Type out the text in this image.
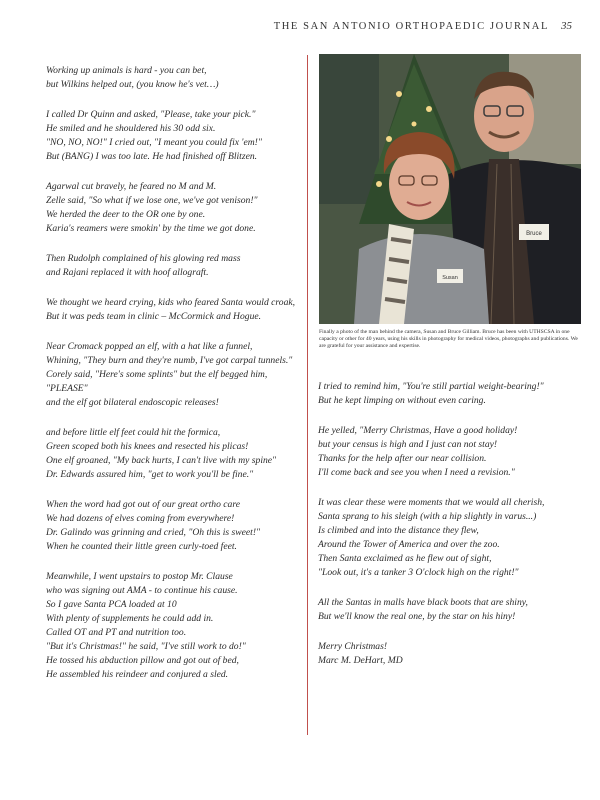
THE SAN ANTONIO ORTHOPAEDIC JOURNAL 35
Working up animals is hard - you can bet,
but Wilkins helped out, (you know he's vet…)
I called Dr Quinn and asked, "Please, take your pick."
He smiled and he shouldered his 30 odd six.
"NO, NO, NO!" I cried out, "I meant you could fix 'em!"
But (BANG) I was too late. He had finished off Blitzen.
Agarwal cut bravely, he feared no M and M.
Zelle said, "So what if we lose one, we've got venison!"
We herded the deer to the OR one by one.
Karia's reamers were smokin' by the time we got done.
Then Rudolph complained of his glowing red mass
and Rajani replaced it with hoof allograft.
We thought we heard crying, kids who feared Santa would croak,
But it was peds team in clinic – McCormick and Hogue.
Near Cromack popped an elf, with a hat like a funnel,
Whining, "They burn and they're numb, I've got carpal tunnels."
Corely said, "Here's some splints" but the elf begged him, "PLEASE"
and the elf got bilateral endoscopic releases!
and before little elf feet could hit the formica,
Green scoped both his knees and resected his plicas!
One elf groaned, "My back hurts, I can't live with my spine"
Dr. Edwards assured him, "get to work you'll be fine."
When the word had got out of our great ortho care
We had dozens of elves coming from everywhere!
Dr. Galindo was grinning and cried, "Oh this is sweet!"
When he counted their little green curly-toed feet.
Meanwhile, I went upstairs to postop Mr. Clause
who was signing out AMA - to continue his cause.
So I gave Santa PCA loaded at 10
With plenty of supplements he could add in.
Called OT and PT and nutrition too.
"But it's Christmas!" he said, "I've still work to do!"
He tossed his abduction pillow and got out of bed,
He assembled his reindeer and conjured a sled.
Bruce
Susan
Finally a photo of the man behind the camera, Susan and Bruce Gilliam. Bruce has been with UTHSCSA in one capacity or other for 40 years, using his skills in photography for medical videos, photographs and publications. We are grateful for your assistance and expertise.
I tried to remind him, "You're still partial weight-bearing!"
But he kept limping on without even caring.
He yelled, "Merry Christmas, Have a good holiday!
but your census is high and I just can not stay!
Thanks for the help after our near collision.
I'll come back and see you when I need a revision."
It was clear these were moments that we would all cherish,
Santa sprang to his sleigh (with a hip slightly in varus...)
Is climbed and into the distance they flew,
Around the Tower of America and over the zoo.
Then Santa exclaimed as he flew out of sight,
"Look out, it's a tanker 3 O'clock high on the right!"
All the Santas in malls have black boots that are shiny,
But we'll know the real one, by the star on his hiny!
Merry Christmas!
Marc M. DeHart, MD
